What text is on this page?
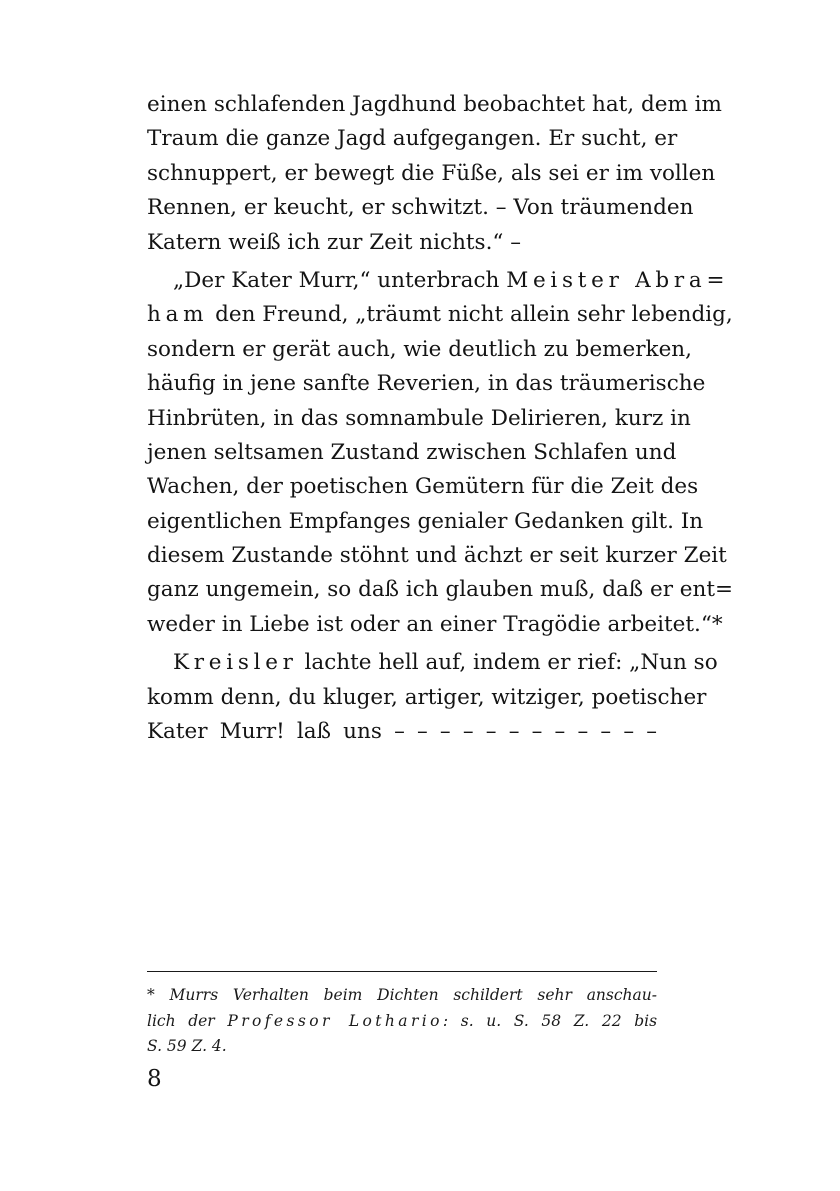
einen schlafenden Jagdhund beobachtet hat, dem im
Traum die ganze Jagd aufgegangen. Er sucht, er
schnuppert, er bewegt die Füße, als sei er im vollen
Rennen, er keucht, er schwitzt. – Von träumenden
Katern weiß ich zur Zeit nichts.“ –
„Der Kater Murr,“ unterbrach Meister Abra=
ham den Freund, „träumt nicht allein sehr lebendig,
sondern er gerät auch, wie deutlich zu bemerken,
häufig in jene sanfte Reverien, in das träumerische
Hinbrüten, in das somnambule Delirieren, kurz in
jenen seltsamen Zustand zwischen Schlafen und
Wachen, der poetischen Gemütern für die Zeit des
eigentlichen Empfanges genialer Gedanken gilt. In
diesem Zustande stöhnt und ächzt er seit kurzer Zeit
ganz ungemein, so daß ich glauben muß, daß er ent=
weder in Liebe ist oder an einer Tragödie arbeitet.“*
Kreisler lachte hell auf, indem er rief: „Nun so
komm denn, du kluger, artiger, witziger, poetischer
Kater Murr! laß uns – – – – – – – – – – – –
* Murrs Verhalten beim Dichten schildert sehr anschau-
lich der Professor Lothario: s. u. S. 58 Z. 22 bis
S. 59 Z. 4.
8
